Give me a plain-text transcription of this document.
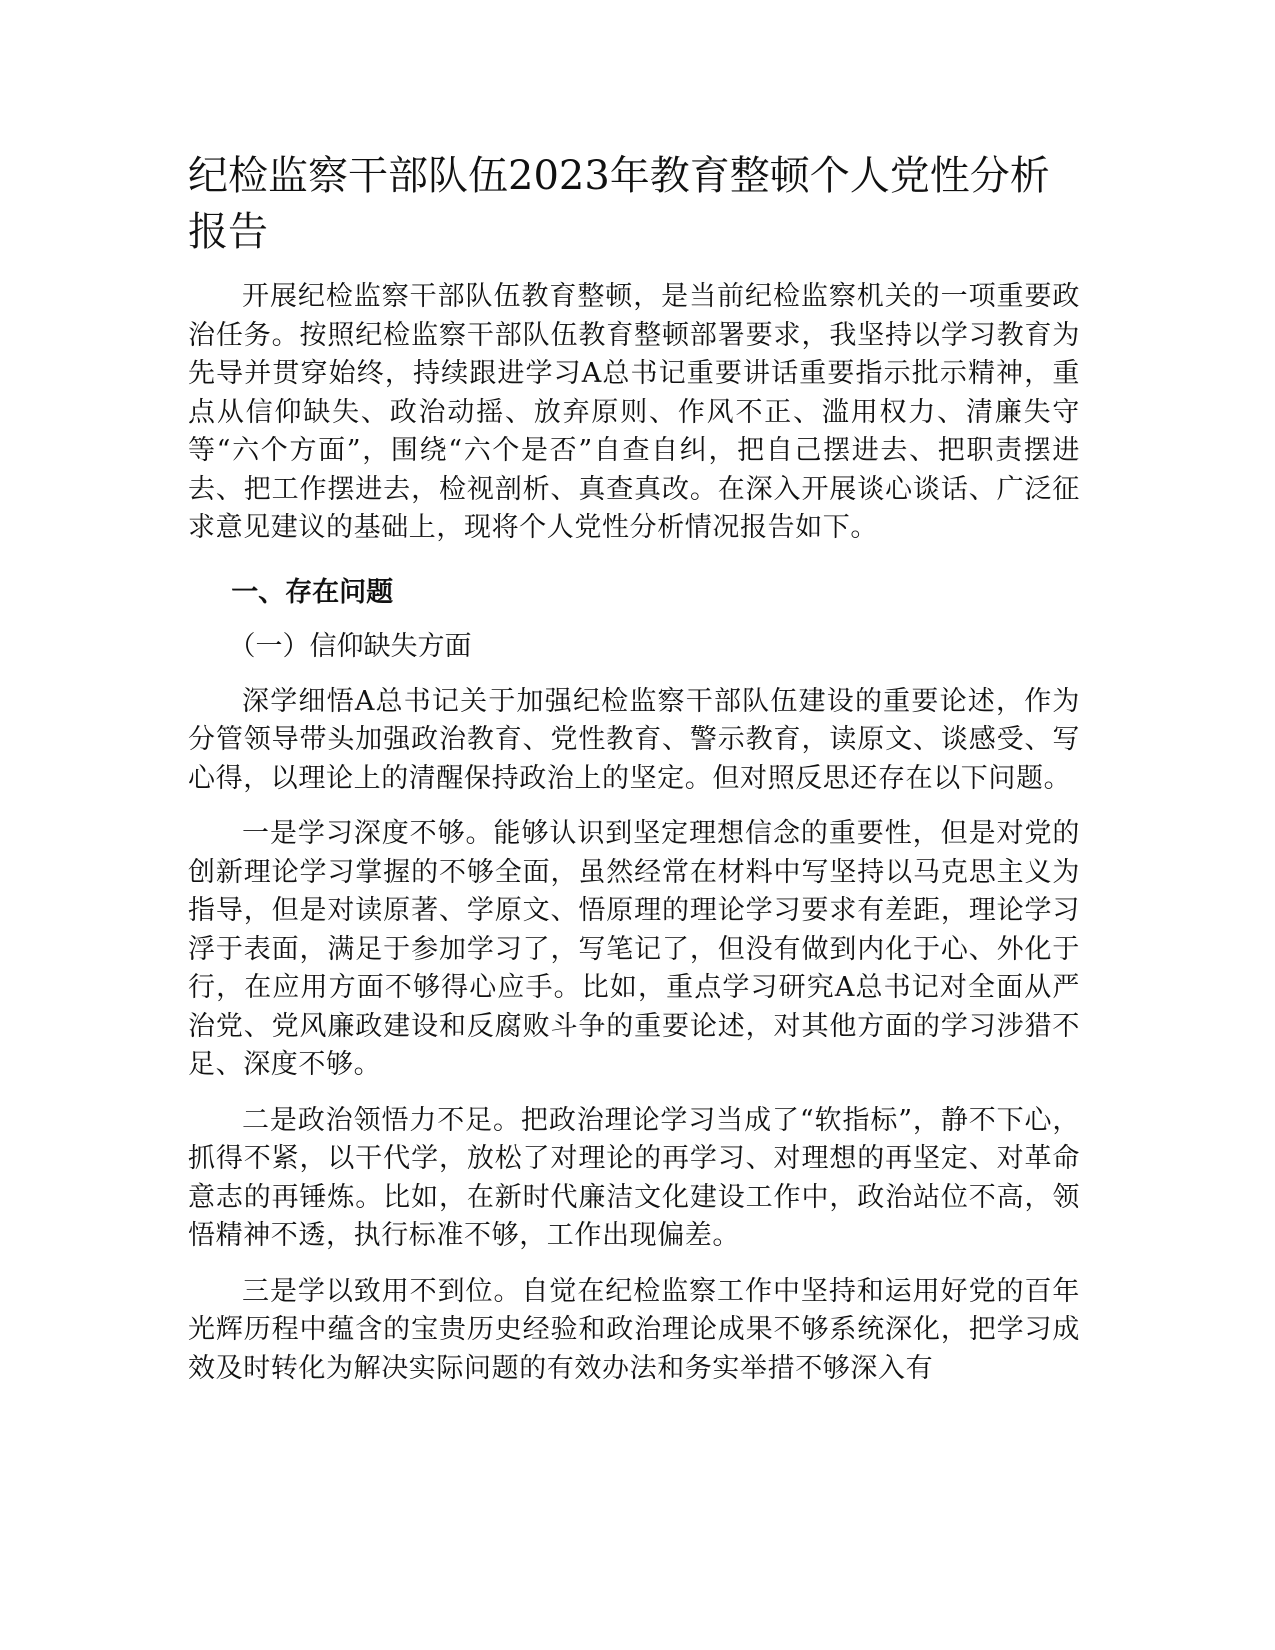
纪检监察干部队伍2023年教育整顿个人党性分析报告

开展纪检监察干部队伍教育整顿，是当前纪检监察机关的一项重要政治任务。按照纪检监察干部队伍教育整顿部署要求，我坚持以学习教育为先导并贯穿始终，持续跟进学习A总书记重要讲话重要指示批示精神，重点从信仰缺失、政治动摇、放弃原则、作风不正、滥用权力、清廉失守等“六个方面”，围绕“六个是否”自查自纠，把自己摆进去、把职责摆进去、把工作摆进去，检视剖析、真查真改。在深入开展谈心谈话、广泛征求意见建议的基础上，现将个人党性分析情况报告如下。

一、存在问题
（一）信仰缺失方面

深学细悟A总书记关于加强纪检监察干部队伍建设的重要论述，作为分管领导带头加强政治教育、党性教育、警示教育，读原文、谈感受、写心得，以理论上的清醒保持政治上的坚定。但对照反思还存在以下问题。

一是学习深度不够。能够认识到坚定理想信念的重要性，但是对党的创新理论学习掌握的不够全面，虽然经常在材料中写坚持以马克思主义为指导，但是对读原著、学原文、悟原理的理论学习要求有差距，理论学习浮于表面，满足于参加学习了，写笔记了，但没有做到内化于心、外化于行，在应用方面不够得心应手。比如，重点学习研究A总书记对全面从严治党、党风廉政建设和反腐败斗争的重要论述，对其他方面的学习涉猎不足、深度不够。

二是政治领悟力不足。把政治理论学习当成了“软指标”，静不下心，抓得不紧，以干代学，放松了对理论的再学习、对理想的再坚定、对革命意志的再锤炼。比如，在新时代廉洁文化建设工作中，政治站位不高，领悟精神不透，执行标准不够，工作出现偏差。

三是学以致用不到位。自觉在纪检监察工作中坚持和运用好党的百年光辉历程中蕴含的宝贵历史经验和政治理论成果不够系统深化，把学习成效及时转化为解决实际问题的有效办法和务实举措不够深入有
